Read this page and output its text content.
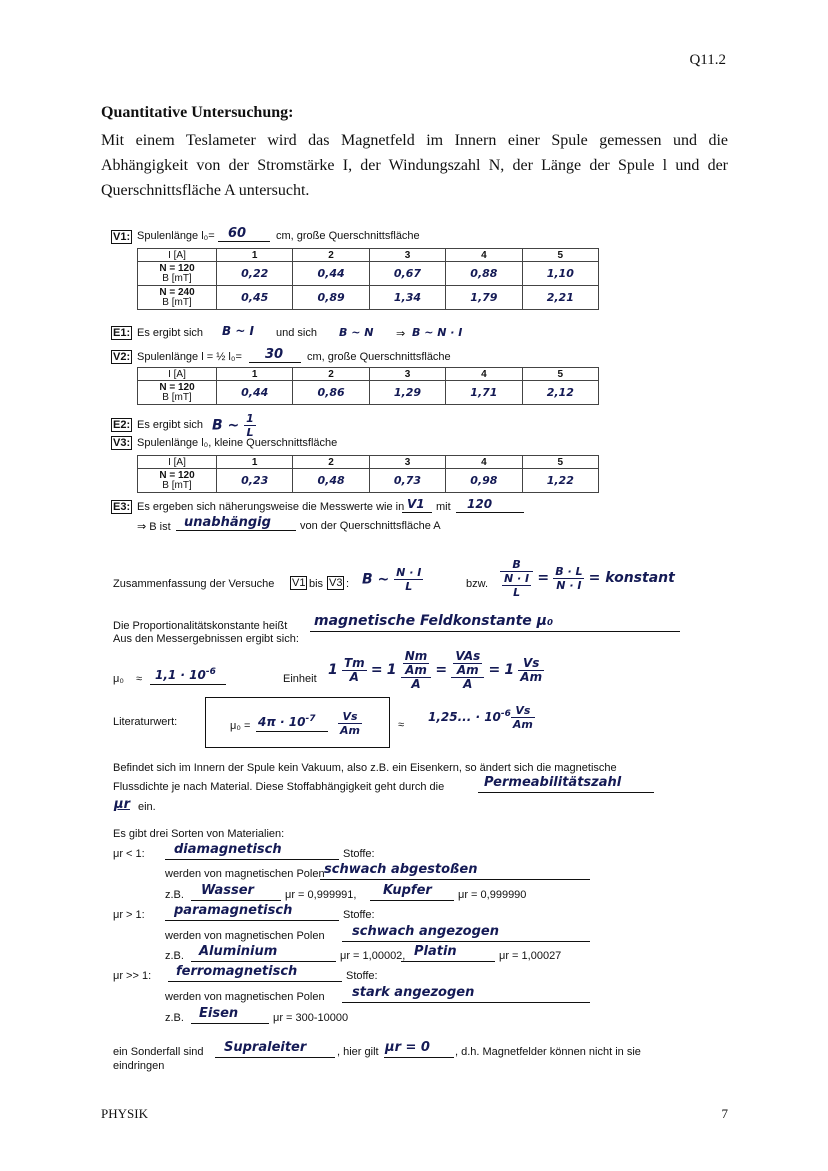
Q11.2
Quantitative Untersuchung:
Mit einem Teslameter wird das Magnetfeld im Innern einer Spule gemessen und die Abhängigkeit von der Stromstärke I, der Windungszahl N, der Länge der Spule l und der Querschnittsfläche A untersucht.
V1: Spulenlänge l₀= 60	cm, große Querschnittsfläche
I [A]	1	2	3	4	5
N = 120
B [mT]	0,22	0,44	0,67	0,88	1,10
N = 240
B [mT]	0,45	0,89	1,34	1,79	2,21
E1: Es ergibt sich B ~ I und sich B ~ N ⇒ B ~ N · I
V2: Spulenlänge l = ½ l₀= 30 cm, große Querschnittsfläche
I [A]	1	2	3	4	5
N = 120
B [mT]	0,44	0,86	1,29	1,71	2,12
E2: Es ergibt sich B ~ $\frac{1}{L}$
V3: Spulenlänge l₀, kleine Querschnittsfläche
I [A]	1	2	3	4	5
N = 120
B [mT]	0,23	0,48	0,73	0,98	1,22
E3: Es ergeben sich näherungsweise die Messwerte wie in V1 mit 120
⇒ B ist unabhängig	von der Querschnittsfläche A
Zusammenfassung der Versuche V1 bis V3 : B ~ $\frac{N \cdot I}{L}$	bzw. $\frac{B}{\frac{N \cdot I}{L}} = \frac{B \cdot L}{N \cdot I}$ = konstant
Die Proportionalitätskonstante heißt magnetische Feldkonstante μ₀
Aus den Messergebnissen ergibt sich:
$\mu_0 \approx 1,1 \cdot 10^{-6}$
Einheit
$1 \frac{Tm}{A} = 1 \frac{\frac{Nm}{Am}}{A} = \frac{\frac{\text{VAs}}{Am}}{A} = 1 \frac{Vs}{Am}$
Literaturwert:	$\mu_0 = 4\pi \cdot 10^{-7} \frac{Vs}{Am}$	≈
1,25... · $10^{-6} \frac{Vs}{Am}$
Befindet sich im Innern der Spule kein Vakuum, also z.B. ein Eisenkern, so ändert sich die magnetische
Flussdichte je nach Material. Diese Stoffabhängigkeit geht durch die	Permeabilitätszahl
μr ein.
Es gibt drei Sorten von Materialien:
μr < 1: diamagnetisch	Stoffe:
werden von magnetischen Polen schwach abgestoßen
z.B. Wasser	μr = 0,999991, Kupfer μr = 0,999990
μr > 1: paramagnetisch	Stoffe:
werden von magnetischen Polen schwach angezogen
z.B. Aluminium	μr = 1,00002, Platin	μr = 1,00027
μr >> 1: ferromagnetisch	Stoffe:
werden von magnetischen Polen stark angezogen
z.B. Eisen	μr = 300-10000
ein Sonderfall sind Supraleiter	, hier gilt μr = 0 , d.h. Magnetfelder können nicht in sie
eindringen
PHYSIK	7
